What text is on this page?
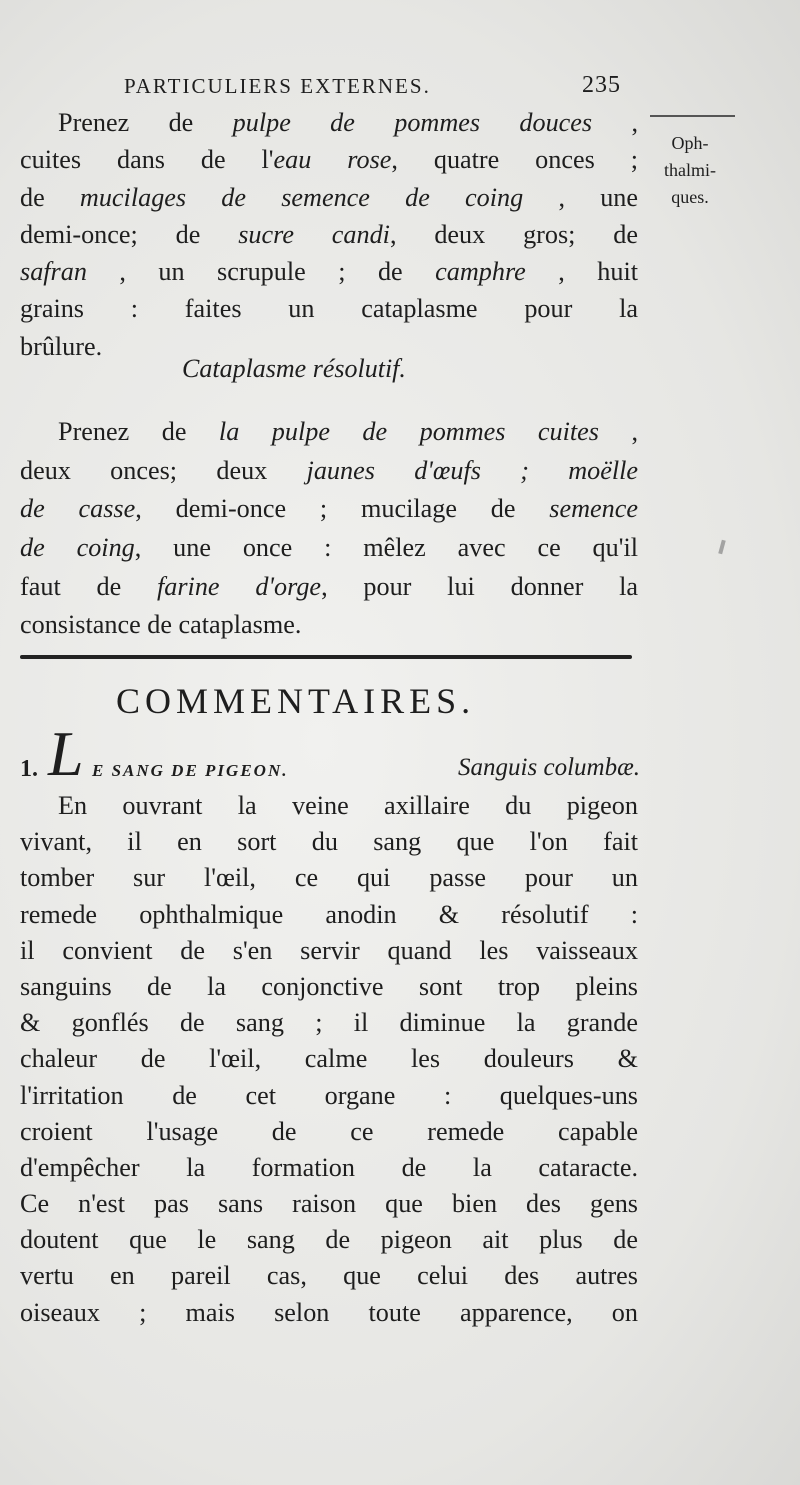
PARTICULIERS EXTERNES.	235
Oph-
thalmi-
ques.
Prenez de pulpe de pommes douces ,
cuites dans de l'eau rose, quatre onces ;
de mucilages de semence de coing , une
demi-once; de sucre candi, deux gros; de
safran , un scrupule ; de camphre , huit
grains : faites un cataplasme pour la
brûlure.
Cataplasme résolutif.
Prenez de la pulpe de pommes cuites ,
deux onces; deux jaunes d'œufs ; moëlle
de casse, demi-once ; mucilage de semence
de coing, une once : mêlez avec ce qu'il
faut de farine d'orge, pour lui donner la
consistance de cataplasme.
COMMENTAIRES.
1. L E SANG DE PIGEON.	Sanguis columbæ.
En ouvrant la veine axillaire du pigeon
vivant, il en sort du sang que l'on fait
tomber sur l'œil, ce qui passe pour un
remede ophthalmique anodin & résolutif :
il convient de s'en servir quand les vaisseaux
sanguins de la conjonctive sont trop pleins
& gonflés de sang ; il diminue la grande
chaleur de l'œil, calme les douleurs &
l'irritation de cet organe : quelques-uns
croient l'usage de ce remede capable
d'empêcher la formation de la cataracte.
Ce n'est pas sans raison que bien des gens
doutent que le sang de pigeon ait plus de
vertu en pareil cas, que celui des autres
oiseaux ; mais selon toute apparence, on
